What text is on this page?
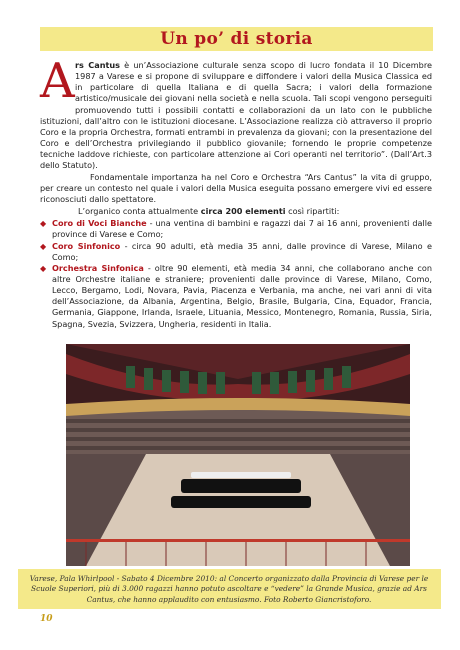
Un po’ di storia

Ars Cantus è un’Associazione culturale senza scopo di lucro fondata il 10 Dicembre 1987 a Varese e si propone di sviluppare e diffondere i valori della Musica Classica ed in particolare di quella Italiana e di quella Sacra; i valori della formazione artistico/musicale dei giovani nella società e nella scuola. Tali scopi vengono perseguiti promuovendo tutti i possibili contatti e collaborazioni da un lato con le pubbliche istituzioni, dall’altro con le istituzioni diocesane. L’Associazione realizza ciò attraverso il proprio Coro e la propria Orchestra, formati entrambi in prevalenza da giovani; con la presentazione del Coro e dell’Orchestra privilegiando il pubblico giovanile; fornendo le proprie competenze tecniche laddove richieste, con particolare attenzione ai Cori operanti nel territorio”. (Dall’Art.3 dello Statuto).

Fondamentale importanza ha nel Coro e Orchestra “Ars Cantus” la vita di gruppo, per creare un contesto nel quale i valori della Musica eseguita possano emergere vivi ed essere riconosciuti dallo spettatore.

L’organico conta attualmente circa 200 elementi così ripartiti:

◆ Coro di Voci Bianche - una ventina di bambini e ragazzi dai 7 ai 16 anni, provenienti dalle province di Varese e Como;
◆ Coro Sinfonico - circa 90 adulti, età media 35 anni, dalle province di Varese, Milano e Como;
◆ Orchestra Sinfonica - oltre 90 elementi, età media 34 anni, che collaborano anche con altre Orchestre italiane e straniere; provenienti dalle province di Varese, Milano, Como, Lecco, Bergamo, Lodi, Novara, Pavia, Piacenza e Verbania, ma anche, nei vari anni di vita dell’Associazione, da Albania, Argentina, Belgio, Brasile, Bulgaria, Cina, Equador, Francia, Germania, Giappone, Irlanda, Israele, Lituania, Messico, Montenegro, Romania, Russia, Siria, Spagna, Svezia, Svizzera, Ungheria, residenti in Italia.
Varese, Pala Whirlpool - Sabato 4 Dicembre 2010: al Concerto organizzato dalla Provincia di Varese per le Scuole Superiori, più di 3.000 ragazzi hanno potuto ascoltare e “vedere” la Grande Musica, grazie ad Ars Cantus, che hanno applaudito con entusiasmo. Foto Roberto Giancristoforo.
10
